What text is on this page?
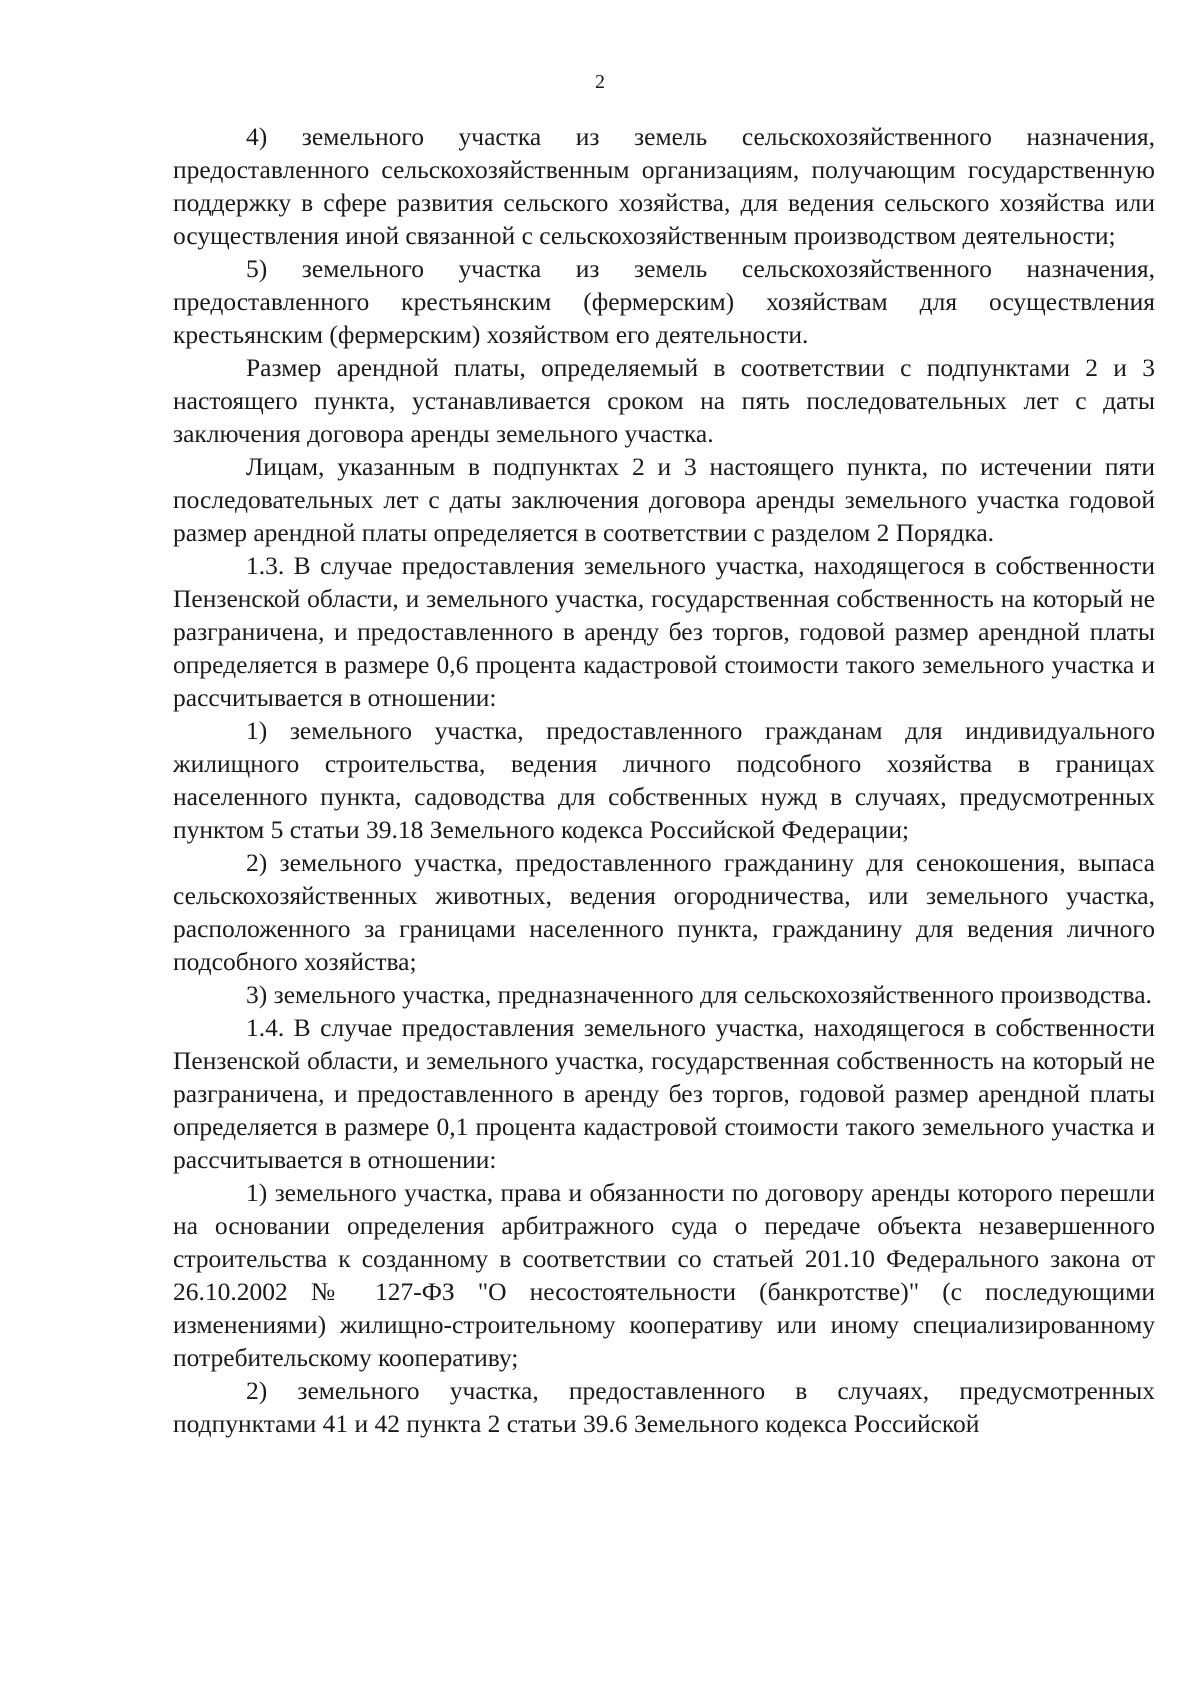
2

4) земельного участка из земель сельскохозяйственного назначения, предоставленного сельскохозяйственным организациям, получающим государственную поддержку в сфере развития сельского хозяйства, для ведения сельского хозяйства или осуществления иной связанной с сельскохозяйственным производством деятельности;

5) земельного участка из земель сельскохозяйственного назначения, предоставленного крестьянским (фермерским) хозяйствам для осуществления крестьянским (фермерским) хозяйством его деятельности.

Размер арендной платы, определяемый в соответствии с подпунктами 2 и 3 настоящего пункта, устанавливается сроком на пять последовательных лет с даты заключения договора аренды земельного участка.

Лицам, указанным в подпунктах 2 и 3 настоящего пункта, по истечении пяти последовательных лет с даты заключения договора аренды земельного участка годовой размер арендной платы определяется в соответствии с разделом 2 Порядка.

1.3. В случае предоставления земельного участка, находящегося в собственности Пензенской области, и земельного участка, государственная собственность на который не разграничена, и предоставленного в аренду без торгов, годовой размер арендной платы определяется в размере 0,6 процента кадастровой стоимости такого земельного участка и рассчитывается в отношении:

1) земельного участка, предоставленного гражданам для индивидуального жилищного строительства, ведения личного подсобного хозяйства в границах населенного пункта, садоводства для собственных нужд в случаях, предусмотренных пунктом 5 статьи 39.18 Земельного кодекса Российской Федерации;

2) земельного участка, предоставленного гражданину для сенокошения, выпаса сельскохозяйственных животных, ведения огородничества, или земельного участка, расположенного за границами населенного пункта, гражданину для ведения личного подсобного хозяйства;

3) земельного участка, предназначенного для сельскохозяйственного производства.

1.4. В случае предоставления земельного участка, находящегося в собственности Пензенской области, и земельного участка, государственная собственность на который не разграничена, и предоставленного в аренду без торгов, годовой размер арендной платы определяется в размере 0,1 процента кадастровой стоимости такого земельного участка и рассчитывается в отношении:

1) земельного участка, права и обязанности по договору аренды которого перешли на основании определения арбитражного суда о передаче объекта незавершенного строительства к созданному в соответствии со статьей 201.10 Федерального закона от 26.10.2002 № 127-ФЗ "О несостоятельности (банкротстве)" (с последующими изменениями) жилищно-строительному кооперативу или иному специализированному потребительскому кооперативу;

2) земельного участка, предоставленного в случаях, предусмотренных подпунктами 41 и 42 пункта 2 статьи 39.6 Земельного кодекса Российской
